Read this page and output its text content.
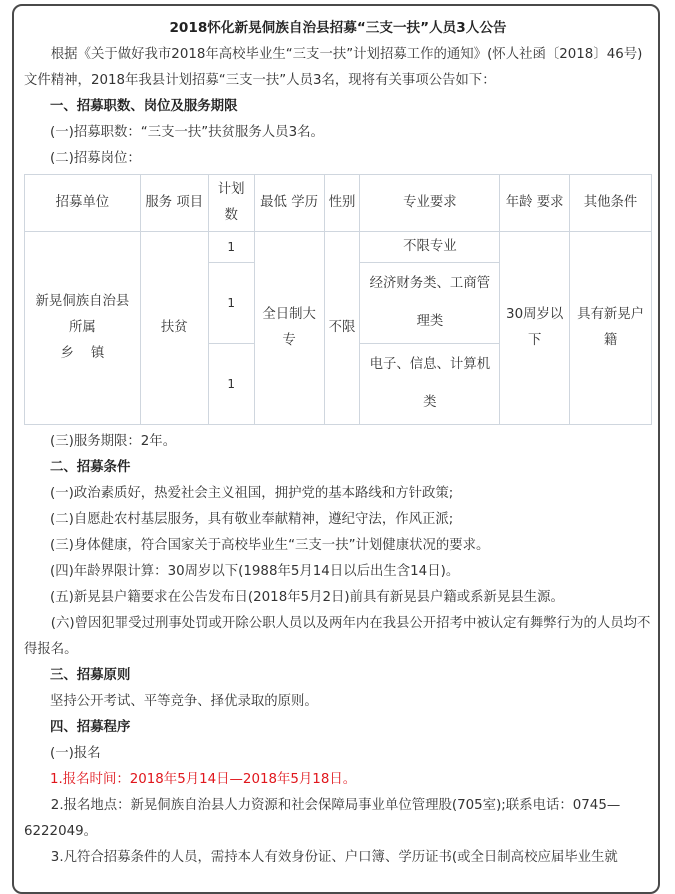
2018怀化新晃侗族自治县招募“三支一扶”人员3人公告

根据《关于做好我市2018年高校毕业生“三支一扶”计划招募工作的通知》(怀人社函〔2018〕46号)文件精神，2018年我县计划招募“三支一扶”人员3名，现将有关事项公告如下：

一、招募职数、岗位及服务期限

(一)招募职数：“三支一扶”扶贫服务人员3名。

(二)招募岗位：

招募单位	服务 项目	计划数	最低 学历	性别	专业要求	年龄 要求	其他条件

新晃侗族自治县
所属
乡    镇	扶贫	1	全日制大专	不限	不限专业	30周岁以下	具有新晃户籍
		1			经济财务类、工商管理类		
		1			电子、信息、计算机类		

(三)服务期限：2年。

二、招募条件

(一)政治素质好，热爱社会主义祖国，拥护党的基本路线和方针政策;

(二)自愿赴农村基层服务，具有敬业奉献精神，遵纪守法，作风正派;

(三)身体健康，符合国家关于高校毕业生“三支一扶”计划健康状况的要求。

(四)年龄界限计算：30周岁以下(1988年5月14日以后出生含14日)。

(五)新晃县户籍要求在公告发布日(2018年5月2日)前具有新晃县户籍或系新晃县生源。

(六)曾因犯罪受过刑事处罚或开除公职人员以及两年内在我县公开招考中被认定有舞弊行为的人员均不得报名。

三、招募原则

坚持公开考试、平等竞争、择优录取的原则。

四、招募程序

(一)报名

1.报名时间：2018年5月14日—2018年5月18日。

2.报名地点：新晃侗族自治县人力资源和社会保障局事业单位管理股(705室);联系电话：0745—6222049。

3.凡符合招募条件的人员，需持本人有效身份证、户口簿、学历证书(或全日制高校应届毕业生就
